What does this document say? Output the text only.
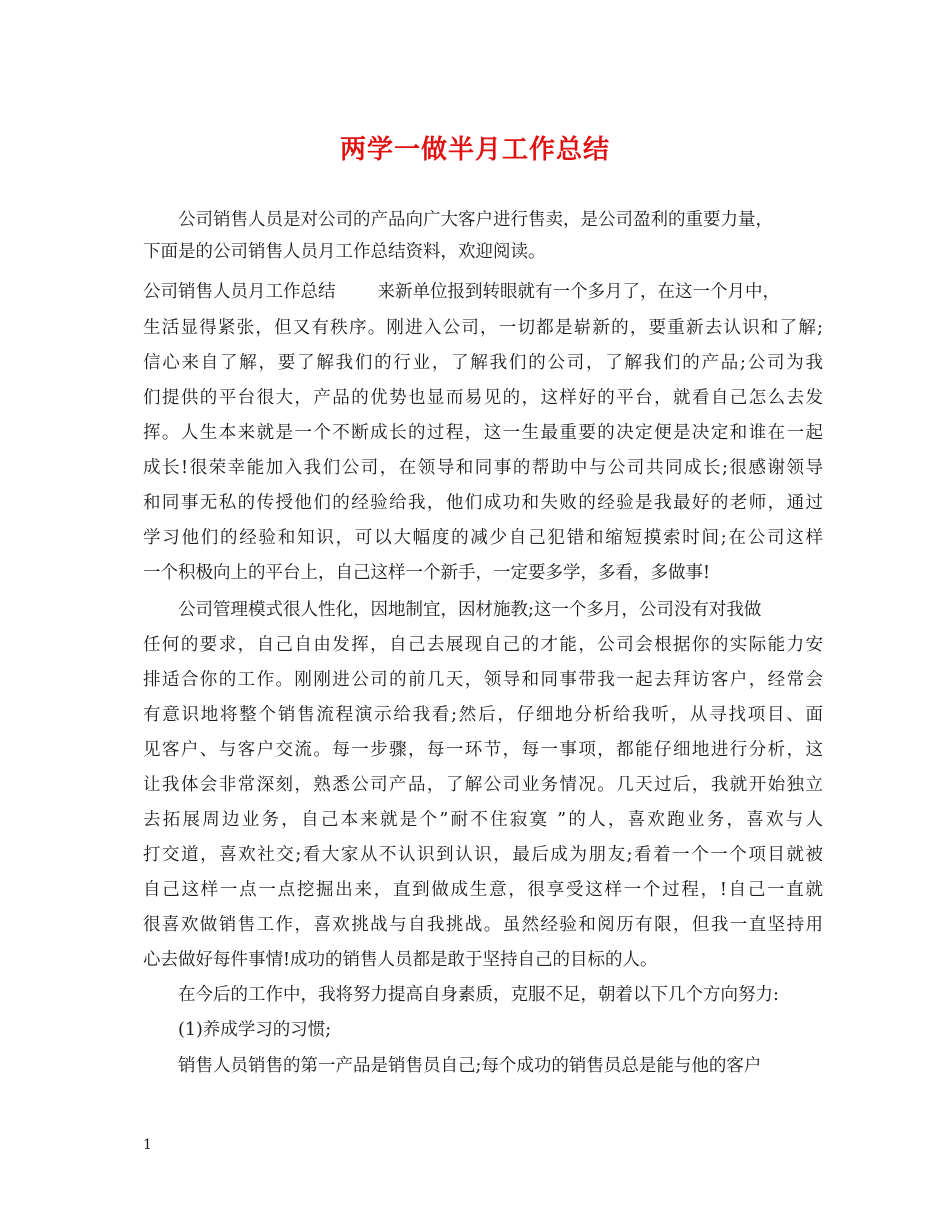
两学一做半月工作总结
公司销售人员是对公司的产品向广大客户进行售卖，是公司盈利的重要力量，
下面是的公司销售人员月工作总结资料，欢迎阅读。
公司销售人员月工作总结 来新单位报到转眼就有一个多月了，在这一个月中，
生活显得紧张，但又有秩序。刚进入公司，一切都是崭新的，要重新去认识和了解;
信心来自了解，要了解我们的行业，了解我们的公司，了解我们的产品;公司为我
们提供的平台很大，产品的优势也显而易见的，这样好的平台，就看自己怎么去发
挥。人生本来就是一个不断成长的过程，这一生最重要的决定便是决定和谁在一起
成长!很荣幸能加入我们公司，在领导和同事的帮助中与公司共同成长;很感谢领导
和同事无私的传授他们的经验给我，他们成功和失败的经验是我最好的老师，通过
学习他们的经验和知识，可以大幅度的减少自己犯错和缩短摸索时间;在公司这样
一个积极向上的平台上，自己这样一个新手，一定要多学，多看，多做事!
公司管理模式很人性化，因地制宜，因材施教;这一个多月，公司没有对我做
任何的要求，自己自由发挥，自己去展现自己的才能，公司会根据你的实际能力安
排适合你的工作。刚刚进公司的前几天，领导和同事带我一起去拜访客户，经常会
有意识地将整个销售流程演示给我看;然后，仔细地分析给我听，从寻找项目、面
见客户、与客户交流。每一步骤，每一环节，每一事项，都能仔细地进行分析，这
让我体会非常深刻，熟悉公司产品，了解公司业务情况。几天过后，我就开始独立
去拓展周边业务，自己本来就是个”耐不住寂寞 ”的人，喜欢跑业务，喜欢与人
打交道，喜欢社交;看大家从不认识到认识，最后成为朋友;看着一个一个项目就被
自己这样一点一点挖掘出来，直到做成生意，很享受这样一个过程，!自己一直就
很喜欢做销售工作，喜欢挑战与自我挑战。虽然经验和阅历有限，但我一直坚持用
心去做好每件事情!成功的销售人员都是敢于坚持自己的目标的人。
在今后的工作中，我将努力提高自身素质，克服不足，朝着以下几个方向努力:
(1)养成学习的习惯;
销售人员销售的第一产品是销售员自己;每个成功的销售员总是能与他的客户
1
